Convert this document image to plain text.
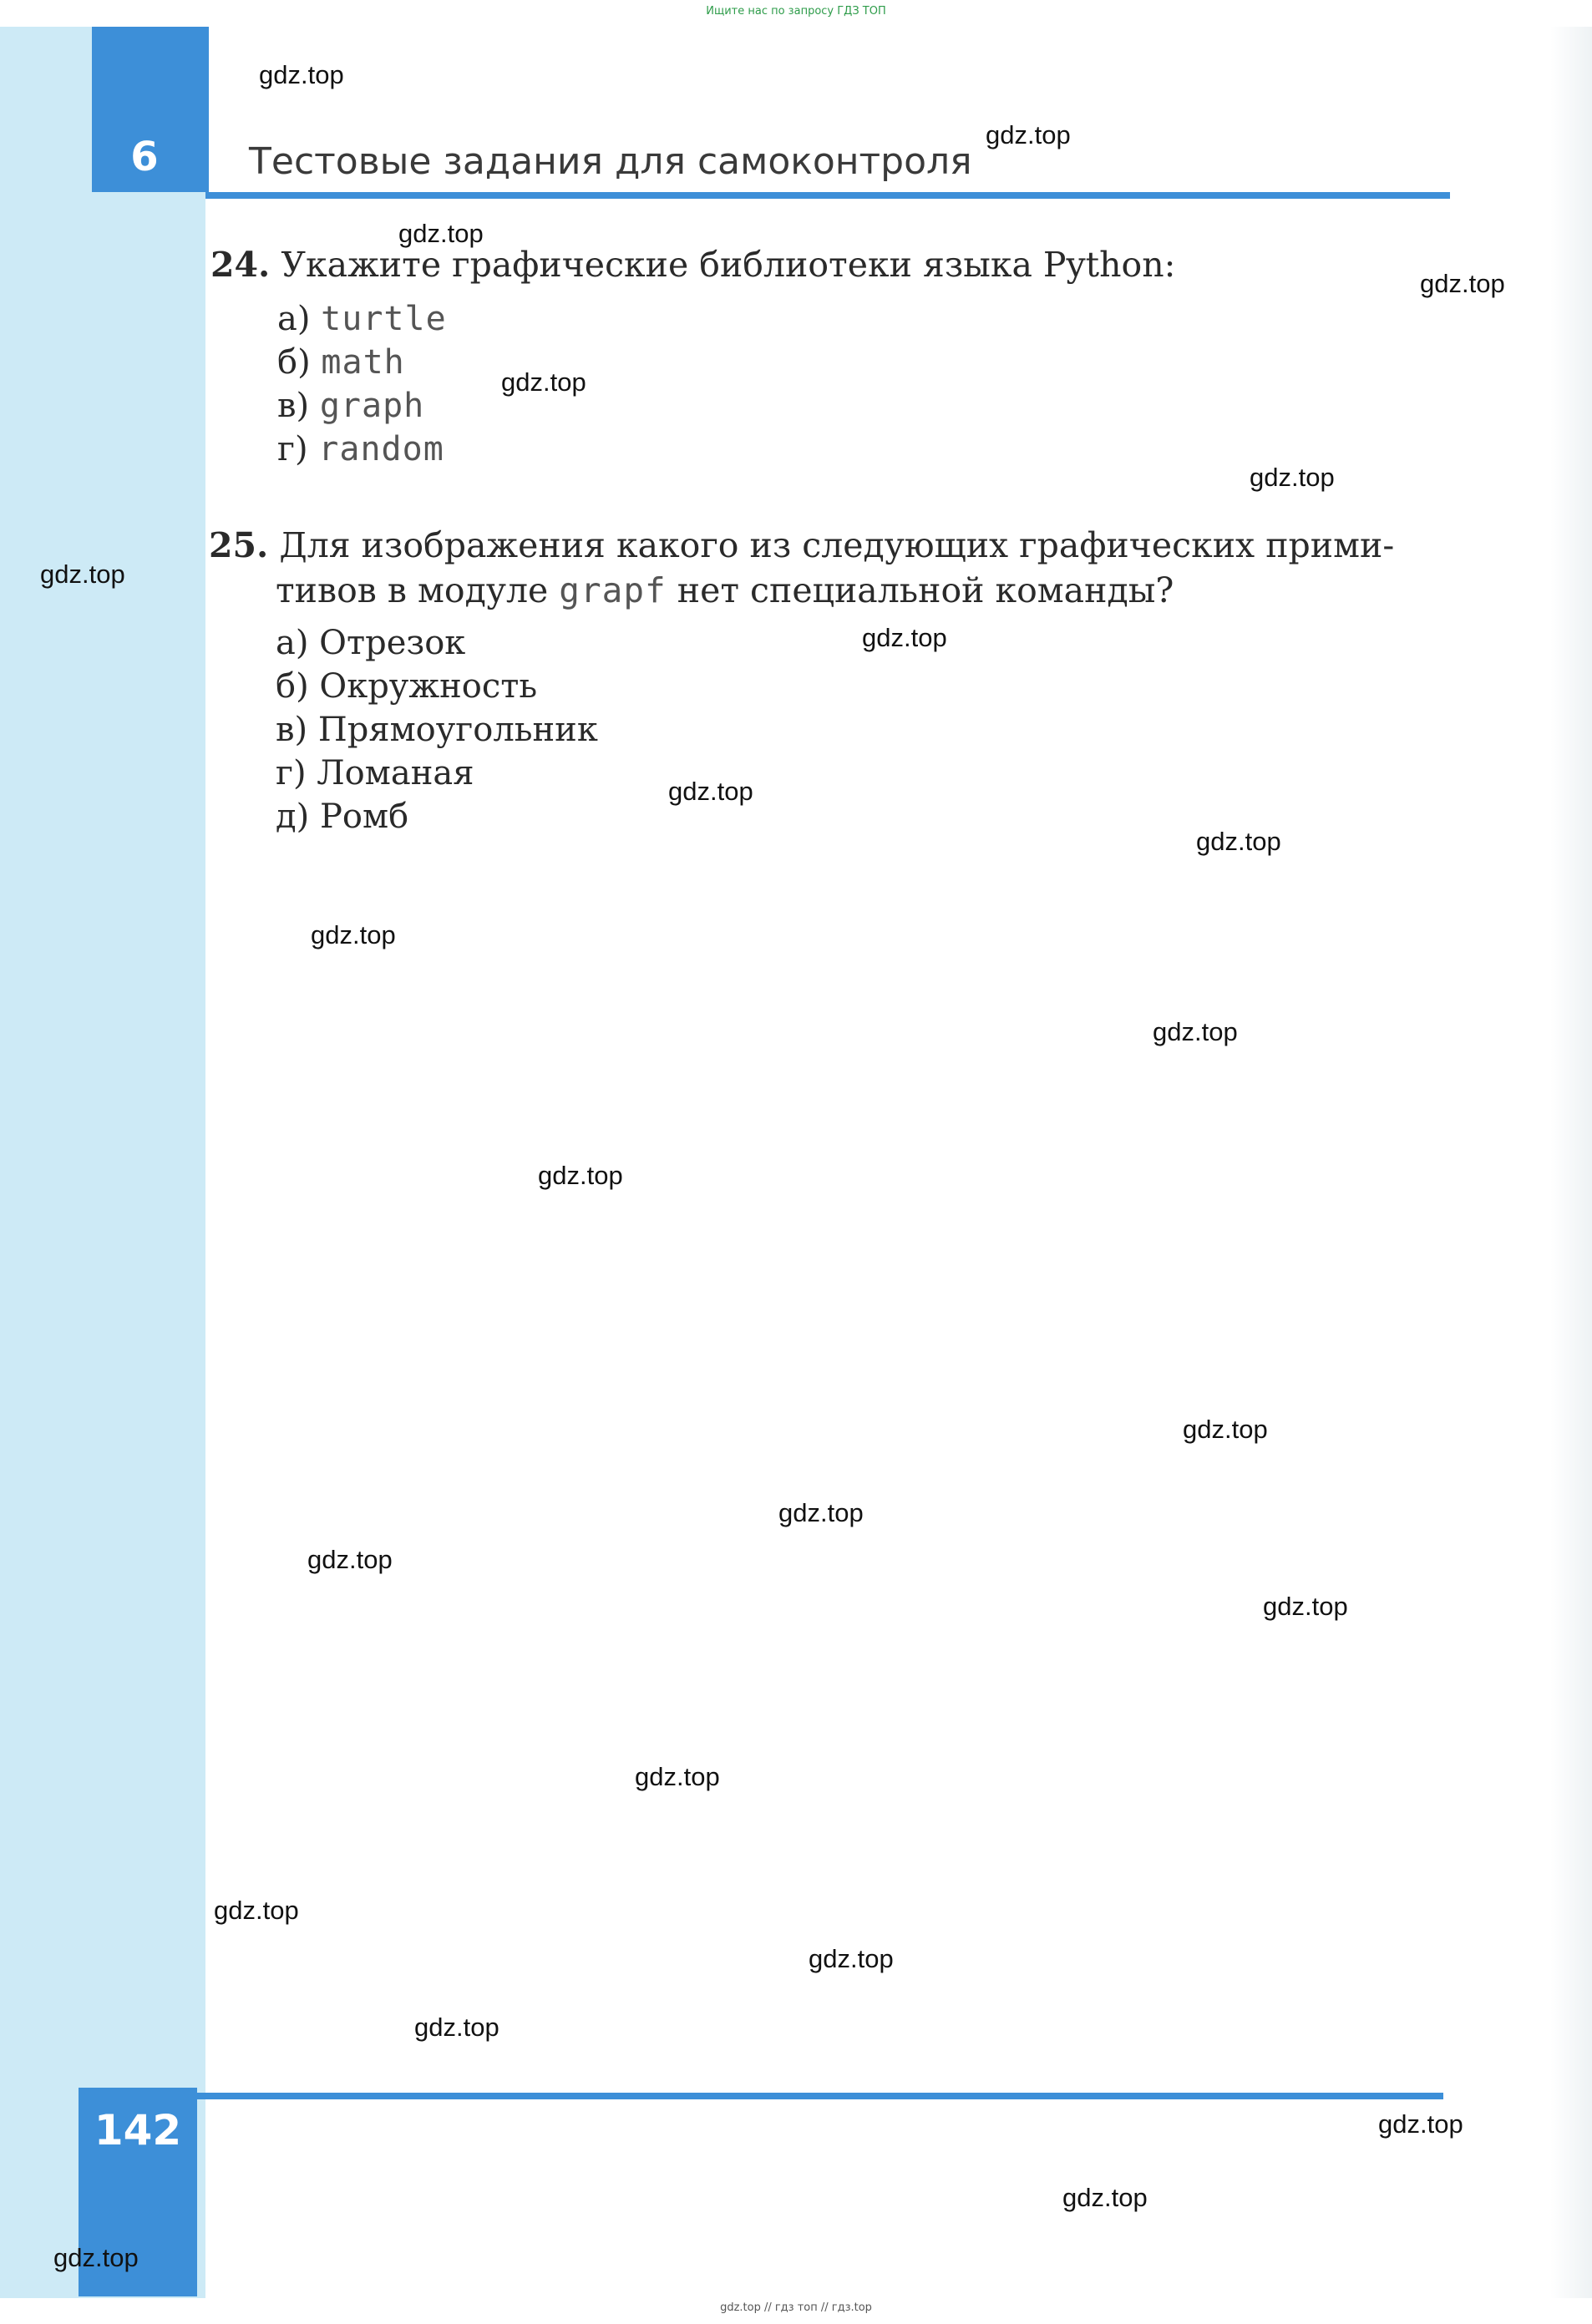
Ищите нас по запросу ГДЗ ТОП
6	Тестовые задания для самоконтроля
24. Укажите графические библиотеки языка Python:
а) turtle
б) math
в) graph
г) random
25. Для изображения какого из следующих графических прими-
тивов в модуле grapf нет специальной команды?
а) Отрезок
б) Окружность
в) Прямоугольник
г) Ломаная
д) Ромб
142
gdz.top // гдз топ // гдз.top
gdz.top
gdz.top
gdz.top
gdz.top
gdz.top
gdz.top
gdz.top
gdz.top
gdz.top
gdz.top
gdz.top
gdz.top
gdz.top
gdz.top
gdz.top
gdz.top
gdz.top
gdz.top
gdz.top
gdz.top
gdz.top
gdz.top
gdz.top
gdz.top
